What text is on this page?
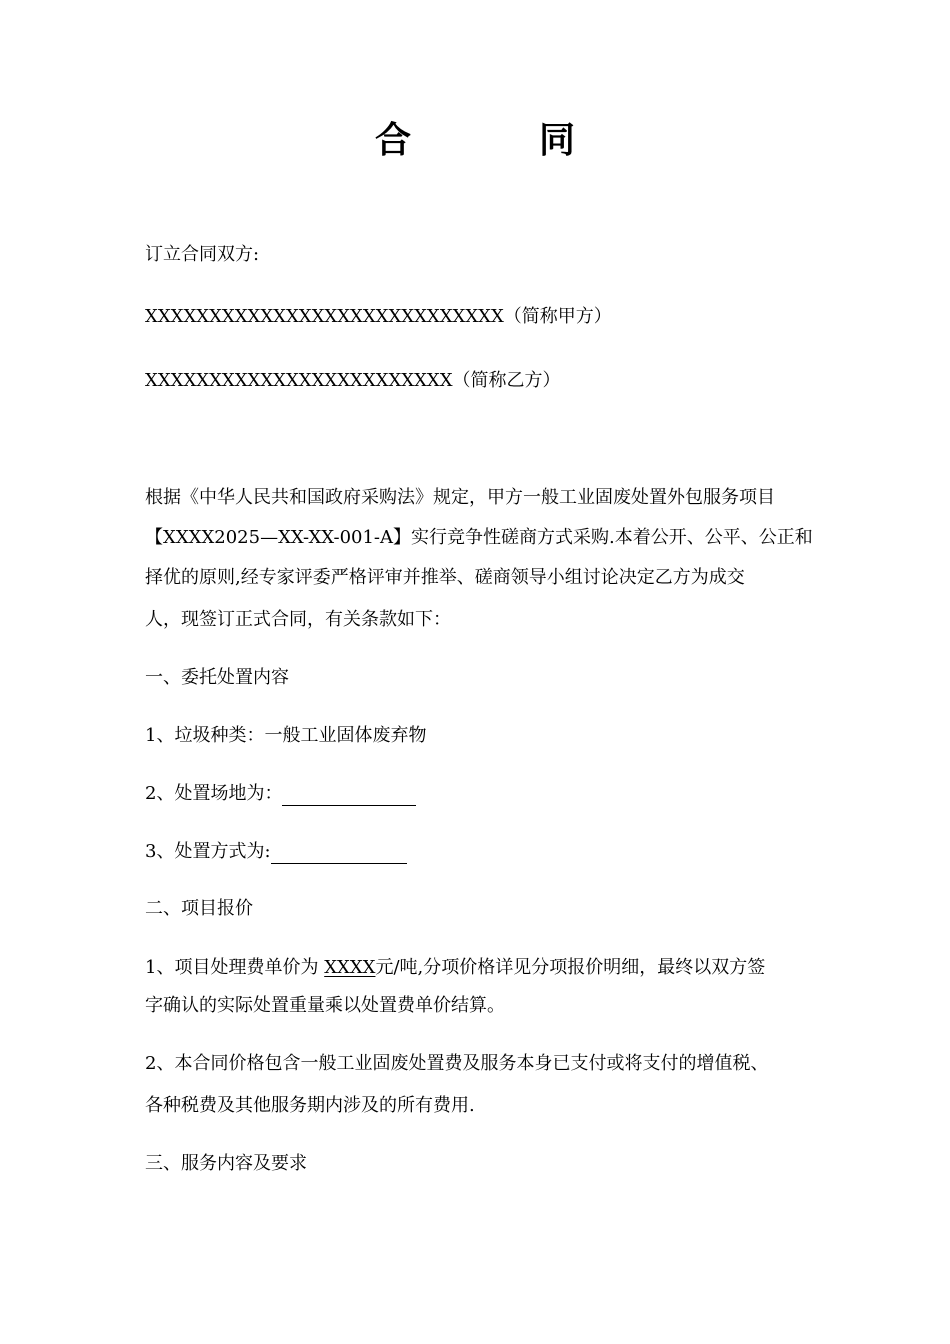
合　同
订立合同双方:
XXXXXXXXXXXXXXXXXXXXXXXXXXXX（简称甲方）
XXXXXXXXXXXXXXXXXXXXXXXX（简称乙方）
根据《中华人民共和国政府采购法》规定，甲方一般工业固废处置外包服务项目
【XXXX2025—XX-XX-001-A】实行竞争性磋商方式采购.本着公开、公平、公正和
择优的原则,经专家评委严格评审并推举、磋商领导小组讨论决定乙方为成交
人，现签订正式合同，有关条款如下：
一、委托处置内容
1、垃圾种类：一般工业固体废弃物
2、处置场地为：
3、处置方式为:
二、项目报价
1、项目处理费单价为 XXXX元/吨,分项价格详见分项报价明细，最终以双方签
字确认的实际处置重量乘以处置费单价结算。
2、本合同价格包含一般工业固废处置费及服务本身已支付或将支付的增值税、
各种税费及其他服务期内涉及的所有费用.
三、服务内容及要求
